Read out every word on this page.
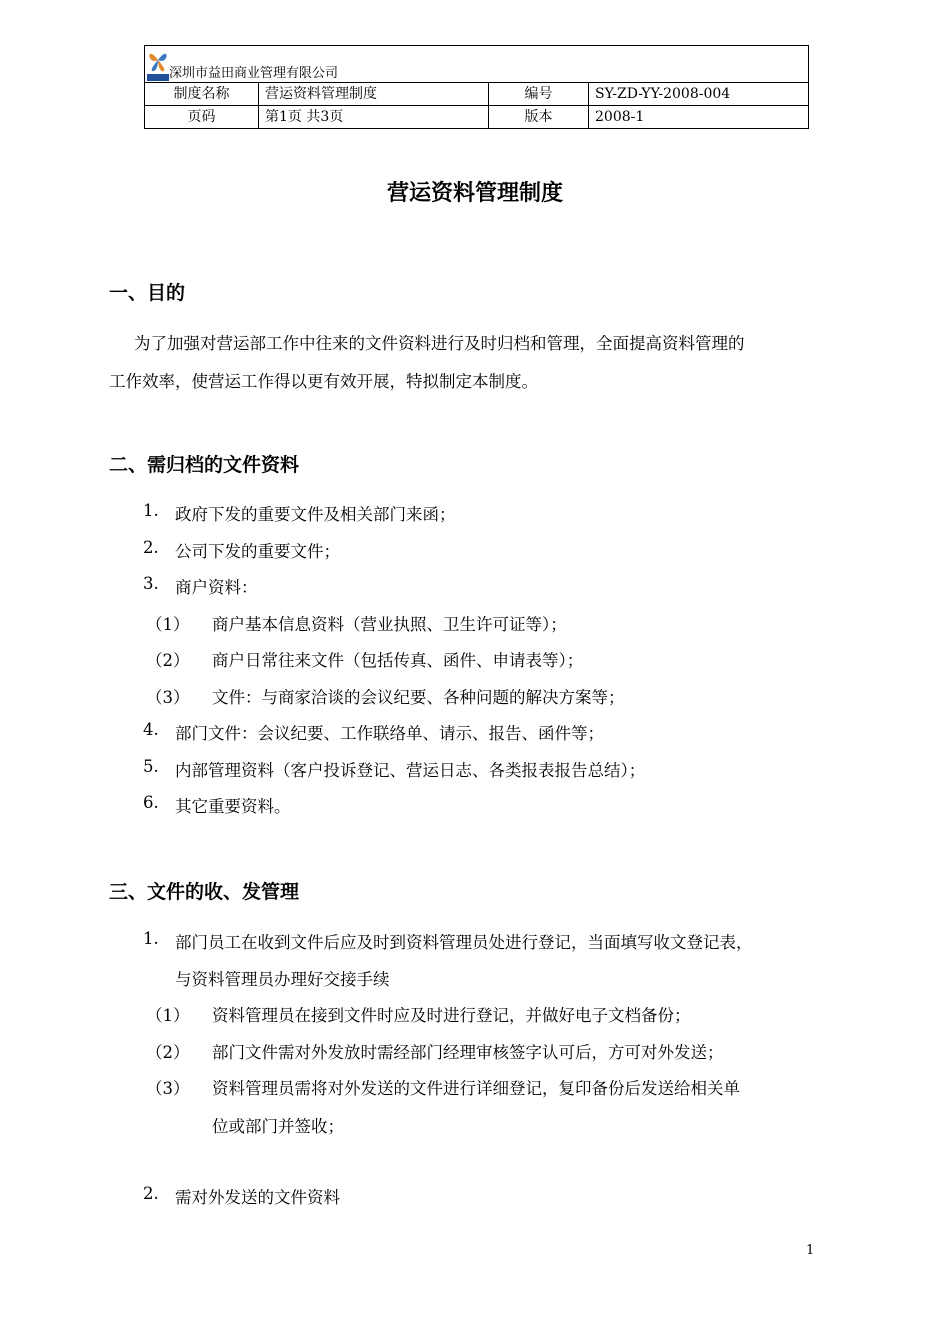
深圳市益田商业管理有限公司			
制度名称	营运资料管理制度	编号	SY-ZD-YY-2008-004
页码	第1页 共3页	版本	2008-1
营运资料管理制度
一、目的
为了加强对营运部工作中往来的文件资料进行及时归档和管理，全面提高资料管理的
工作效率，使营运工作得以更有效开展，特拟制定本制度。
二、需归档的文件资料
1. 政府下发的重要文件及相关部门来函；
2. 公司下发的重要文件；
3. 商户资料：
（1） 商户基本信息资料（营业执照、卫生许可证等）；
（2） 商户日常往来文件（包括传真、函件、申请表等）；
（3） 文件：与商家洽谈的会议纪要、各种问题的解决方案等；
4. 部门文件：会议纪要、工作联络单、请示、报告、函件等；
5. 内部管理资料（客户投诉登记、营运日志、各类报表报告总结）；
6. 其它重要资料。
三、文件的收、发管理
1. 部门员工在收到文件后应及时到资料管理员处进行登记，当面填写收文登记表，
与资料管理员办理好交接手续
（1） 资料管理员在接到文件时应及时进行登记，并做好电子文档备份；
（2） 部门文件需对外发放时需经部门经理审核签字认可后，方可对外发送；
（3） 资料管理员需将对外发送的文件进行详细登记，复印备份后发送给相关单
位或部门并签收；
2. 需对外发送的文件资料
1
